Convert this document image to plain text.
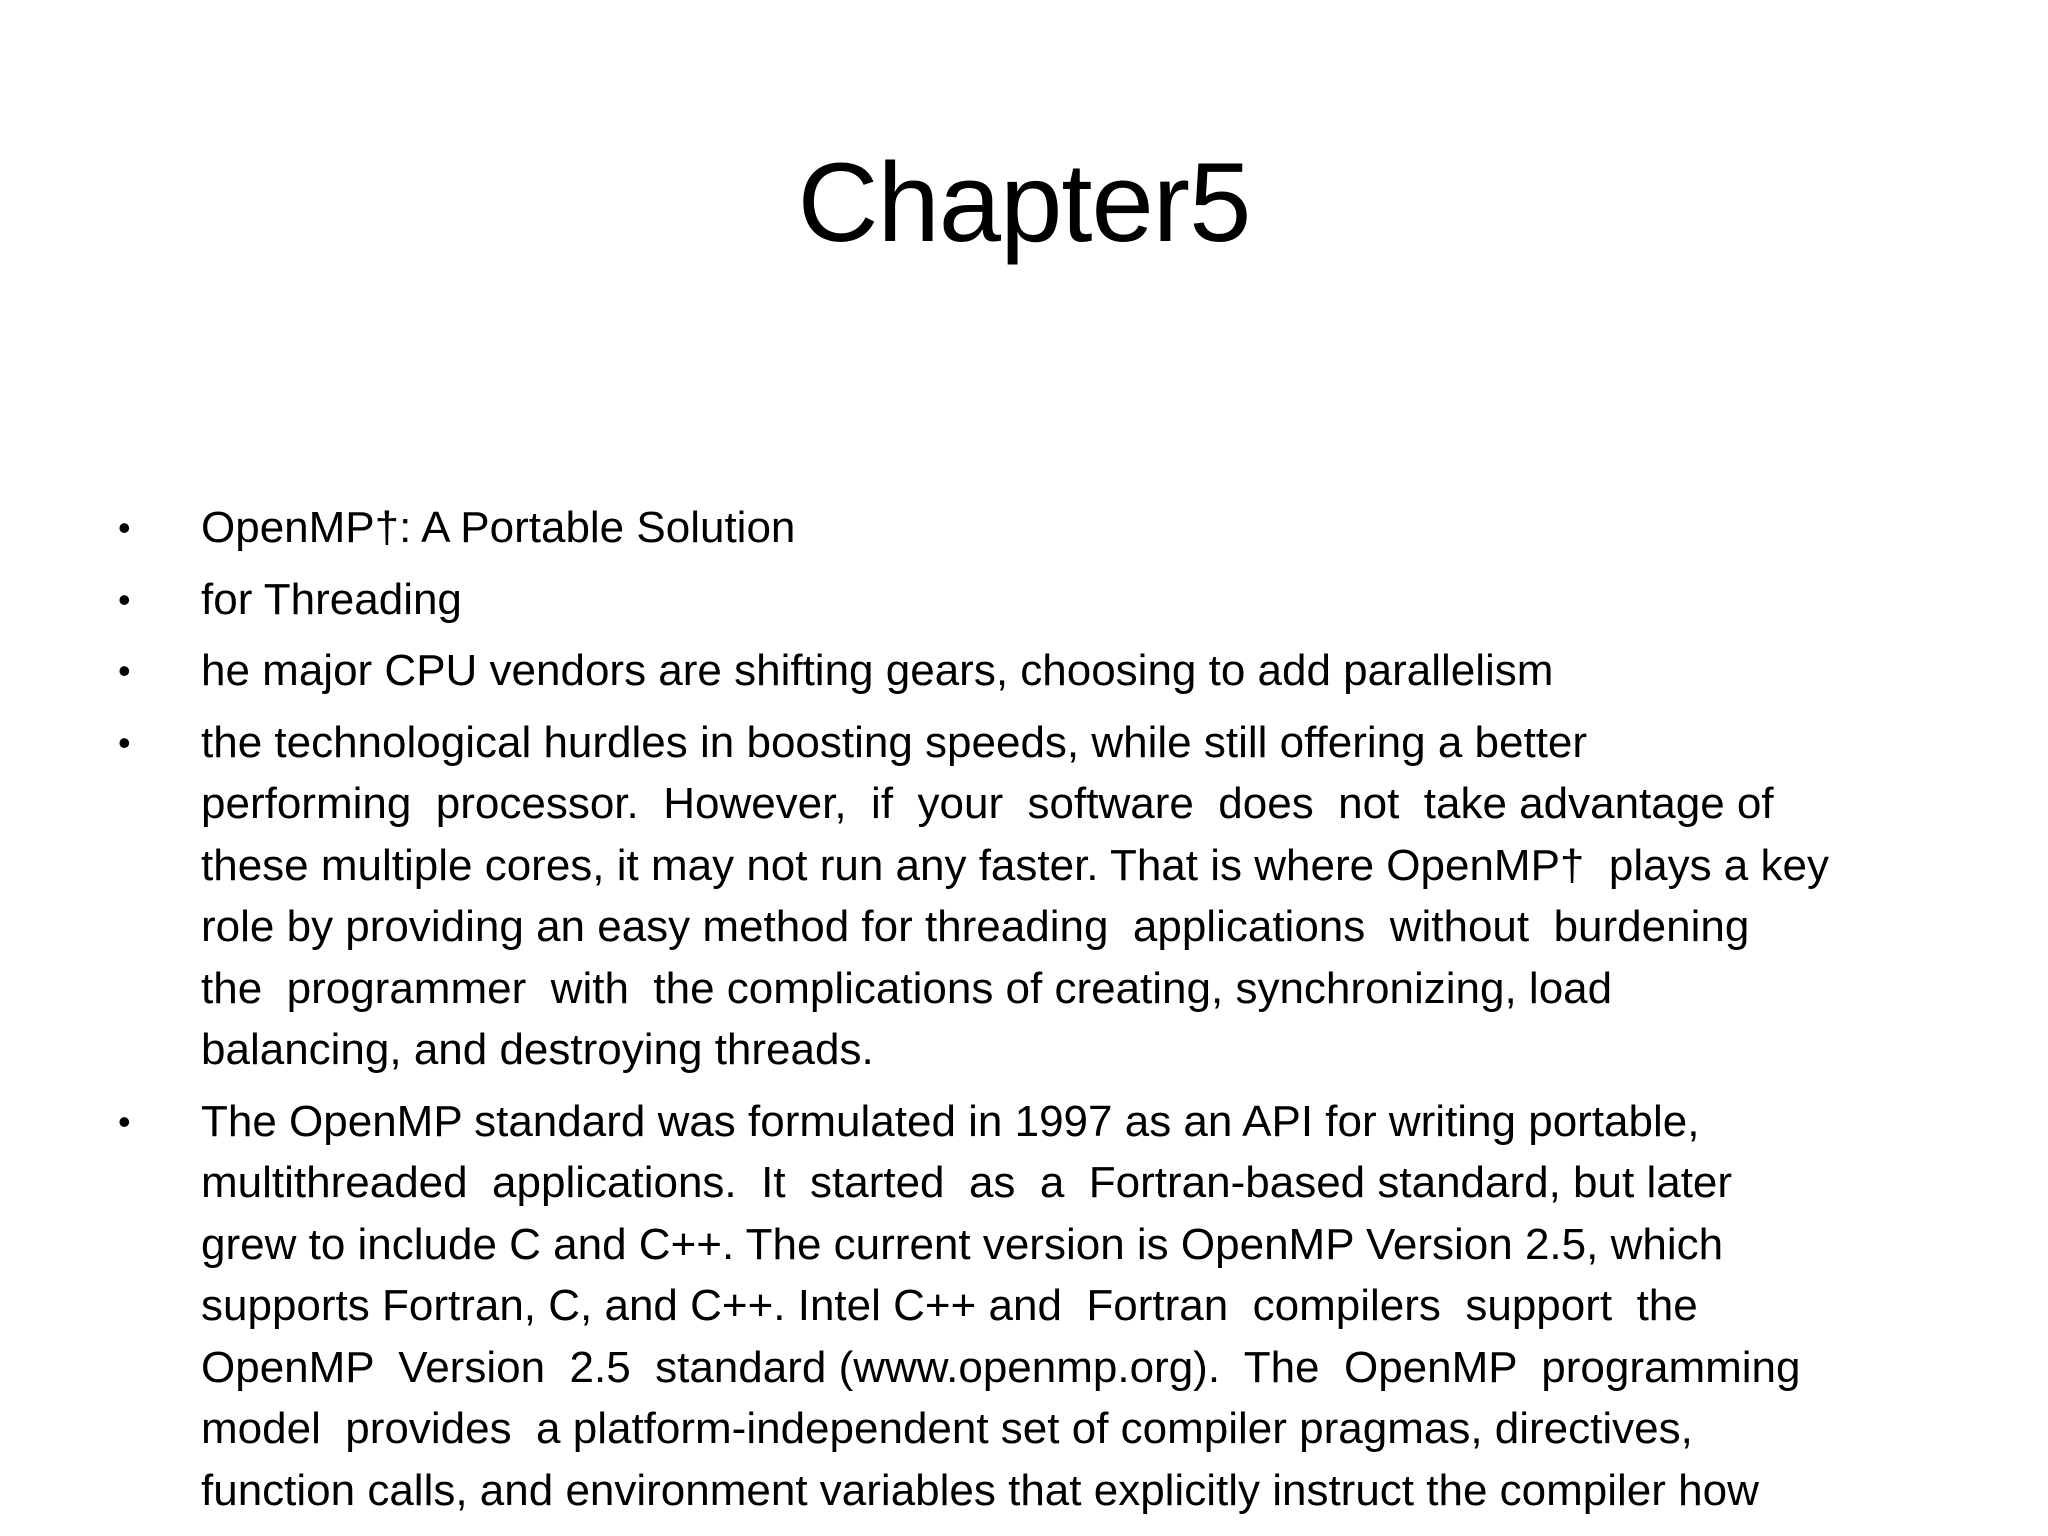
Chapter5
•	OpenMP†: A Portable Solution
•	for Threading
•	he major CPU vendors are shifting gears, choosing to add parallelism
•	the technological hurdles in boosting speeds, while still offering a better
performing  processor.  However,  if  your  software  does  not  take advantage of
these multiple cores, it may not run any faster. That is where OpenMP†  plays a key
role by providing an easy method for threading  applications  without  burdening
the  programmer  with  the complications of creating, synchronizing, load
balancing, and destroying threads.
•	The OpenMP standard was formulated in 1997 as an API for writing portable,
multithreaded  applications.  It  started  as  a  Fortran-based standard, but later
grew to include C and C++. The current version is OpenMP Version 2.5, which
supports Fortran, C, and C++. Intel C++ and  Fortran  compilers  support  the
OpenMP  Version  2.5  standard (www.openmp.org).  The  OpenMP  programming
model  provides  a platform-independent set of compiler pragmas, directives,
function calls, and environment variables that explicitly instruct the compiler how
